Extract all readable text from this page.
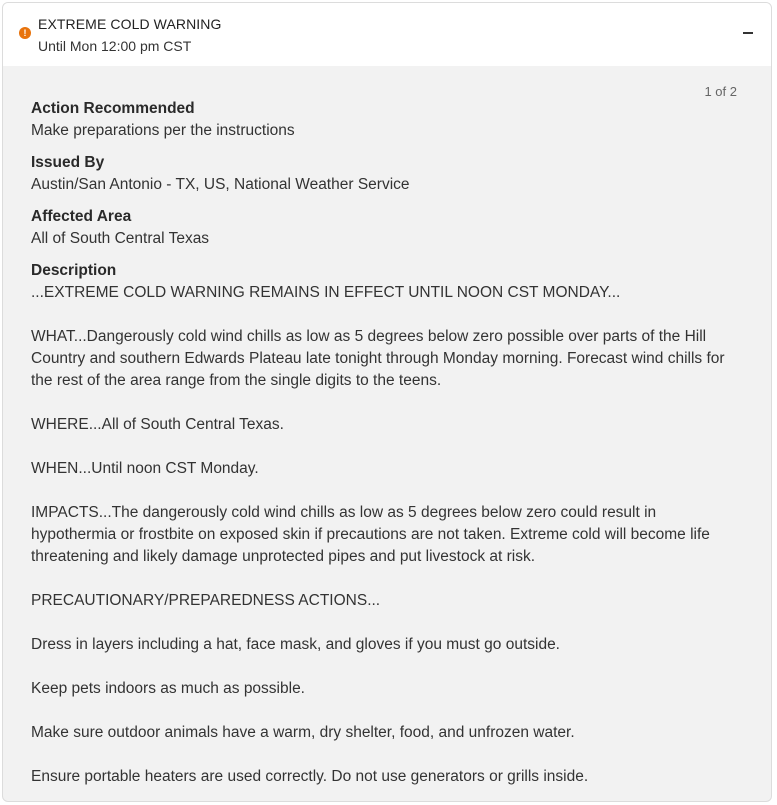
!
EXTREME COLD WARNING
Until Mon 12:00 pm CST
1 of 2
Action Recommended
Make preparations per the instructions
Issued By
Austin/San Antonio - TX, US, National Weather Service
Affected Area
All of South Central Texas
Description

...EXTREME COLD WARNING REMAINS IN EFFECT UNTIL NOON CST MONDAY...

WHAT...Dangerously cold wind chills as low as 5 degrees below zero possible over parts of the Hill Country and southern Edwards Plateau late tonight through Monday morning. Forecast wind chills for the rest of the area range from the single digits to the teens.

WHERE...All of South Central Texas.

WHEN...Until noon CST Monday.

IMPACTS...The dangerously cold wind chills as low as 5 degrees below zero could result in hypothermia or frostbite on exposed skin if precautions are not taken. Extreme cold will become life threatening and likely damage unprotected pipes and put livestock at risk.

PRECAUTIONARY/PREPAREDNESS ACTIONS...

Dress in layers including a hat, face mask, and gloves if you must go outside.

Keep pets indoors as much as possible.

Make sure outdoor animals have a warm, dry shelter, food, and unfrozen water.

Ensure portable heaters are used correctly. Do not use generators or grills inside.
